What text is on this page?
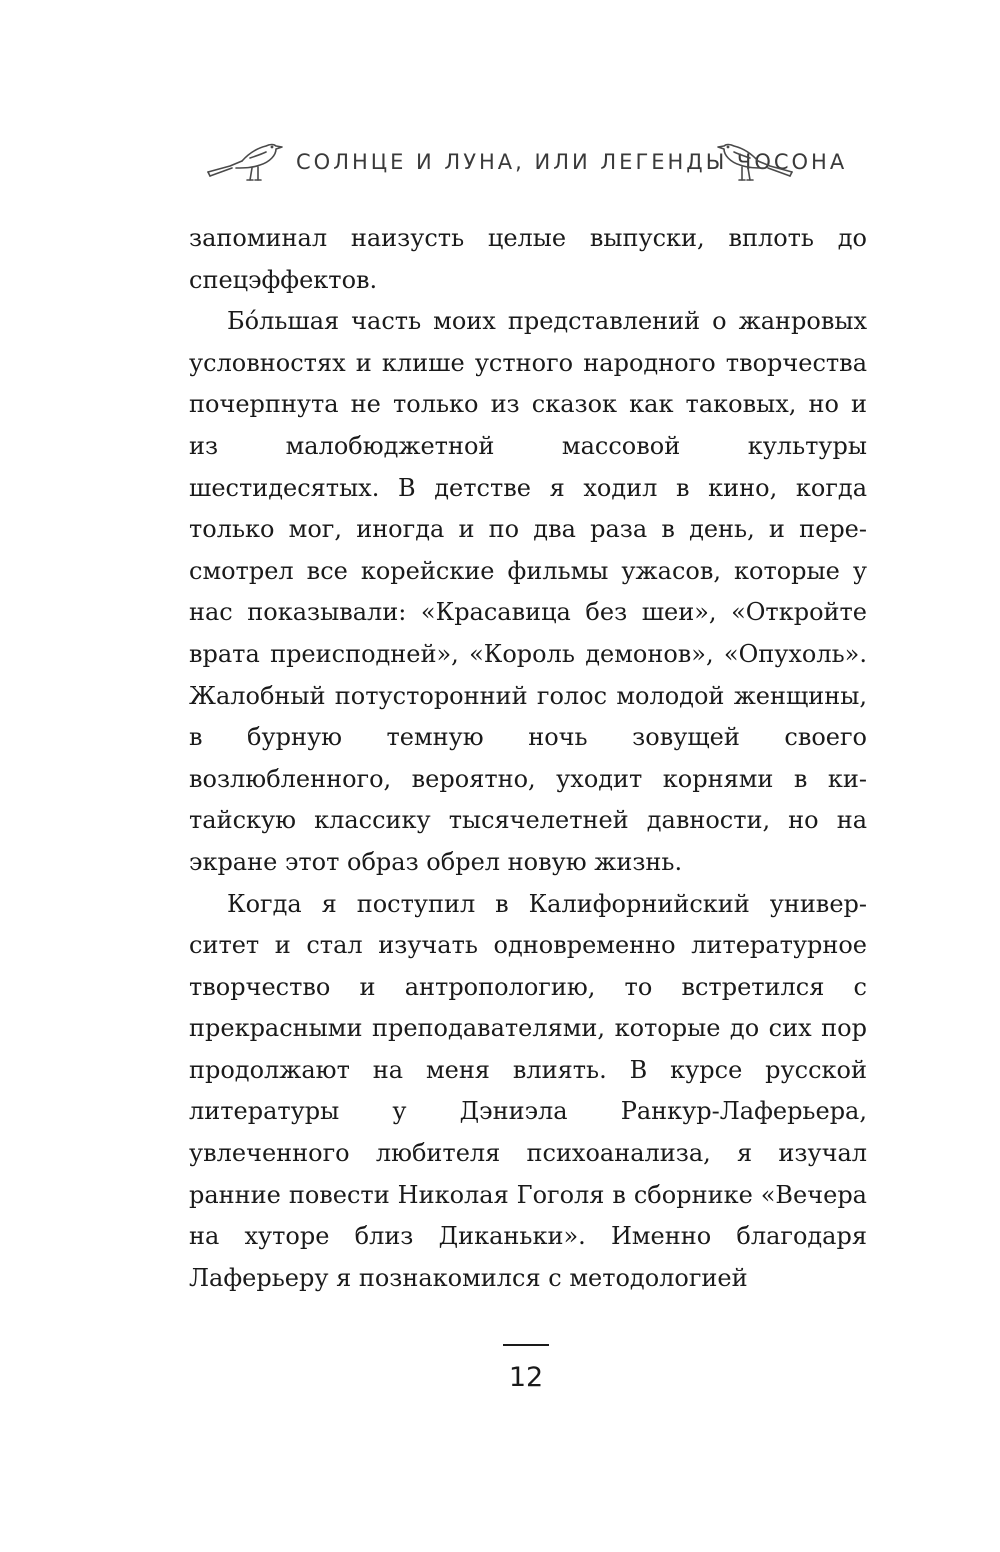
СОЛНЦЕ И ЛУНА, ИЛИ ЛЕГЕНДЫ ЧОСОНА

запоминал наизусть целые выпуски, вплоть до спецэффектов.

Бóльшая часть моих представлений о жанровых условностях и клише устного народного творчества почерпнута не только из сказок как таковых, но и из малобюджетной массовой культуры шестидесятых. В детстве я ходил в кино, когда только мог, иногда и по два раза в день, и пересмотрел все корейские фильмы ужасов, которые у нас показывали: «Красавица без шеи», «Откройте врата преисподней», «Король демонов», «Опухоль». Жалобный потусторонний голос молодой женщины, в бурную темную ночь зовущей своего возлюбленного, вероятно, уходит корнями в китайскую классику тысячелетней давности, но на экране этот образ обрел новую жизнь.

Когда я поступил в Калифорнийский университет и стал изучать одновременно литературное творчество и антропологию, то встретился с прекрасными преподавателями, которые до сих пор продолжают на меня влиять. В курсе русской литературы у Дэниэла Ранкур-Лаферьера, увлеченного любителя психоанализа, я изучал ранние повести Николая Гоголя в сборнике «Вечера на хуторе близ Диканьки». Именно благодаря Лаферьеру я познакомился с методологией

12
